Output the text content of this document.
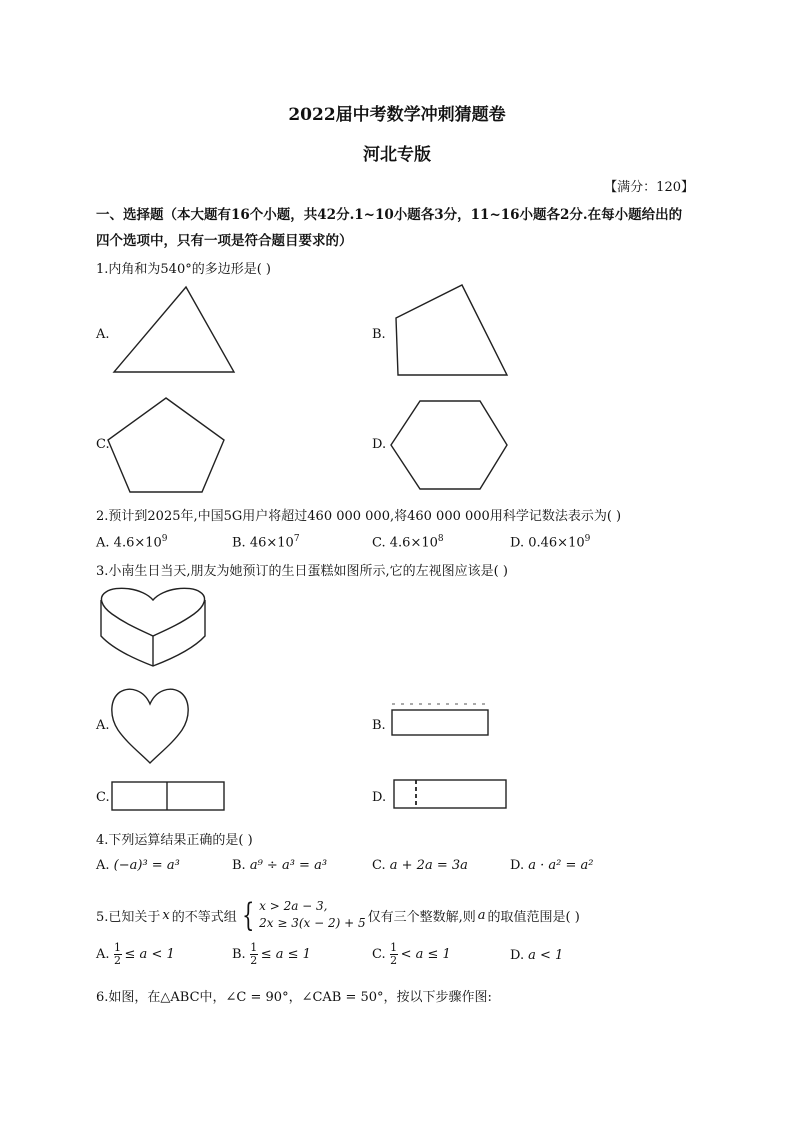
2022届中考数学冲刺猜题卷
河北专版
【满分：120】
一、选择题（本大题有16个小题，共42分.1~10小题各3分，11~16小题各2分.在每小题给出的
四个选项中，只有一项是符合题目要求的）
1.内角和为540°的多边形是( )
A.	B.
C.	D.
2.预计到2025年,中国5G用户将超过460 000 000,将460 000 000用科学记数法表示为( )
A. $4.6\times 10^9$	B. $46\times 10^7$	C. $4.6\times 10^8$	D. $0.46\times 10^9$
3.小南生日当天,朋友为她预订的生日蛋糕如图所示,它的左视图应该是( )
A.	B.
C.	D.
4.下列运算结果正确的是( )
A. (−a)³ = a³	B. a⁹ ÷ a³ = a³	C. a + 2a = 3a	D. a · a² = a²
5.已知关于 x 的不等式组 { x > 2a − 3,
2x ≥ 3(x − 2) + 5 仅有三个整数解,则 a 的取值范围是( )
A. 1
2 ≤ a < 1	B. 1
2 ≤ a ≤ 1	C. 1
2 < a ≤ 1	D. a < 1
6.如图，在△ABC中，∠C = 90°，∠CAB = 50°，按以下步骤作图:
